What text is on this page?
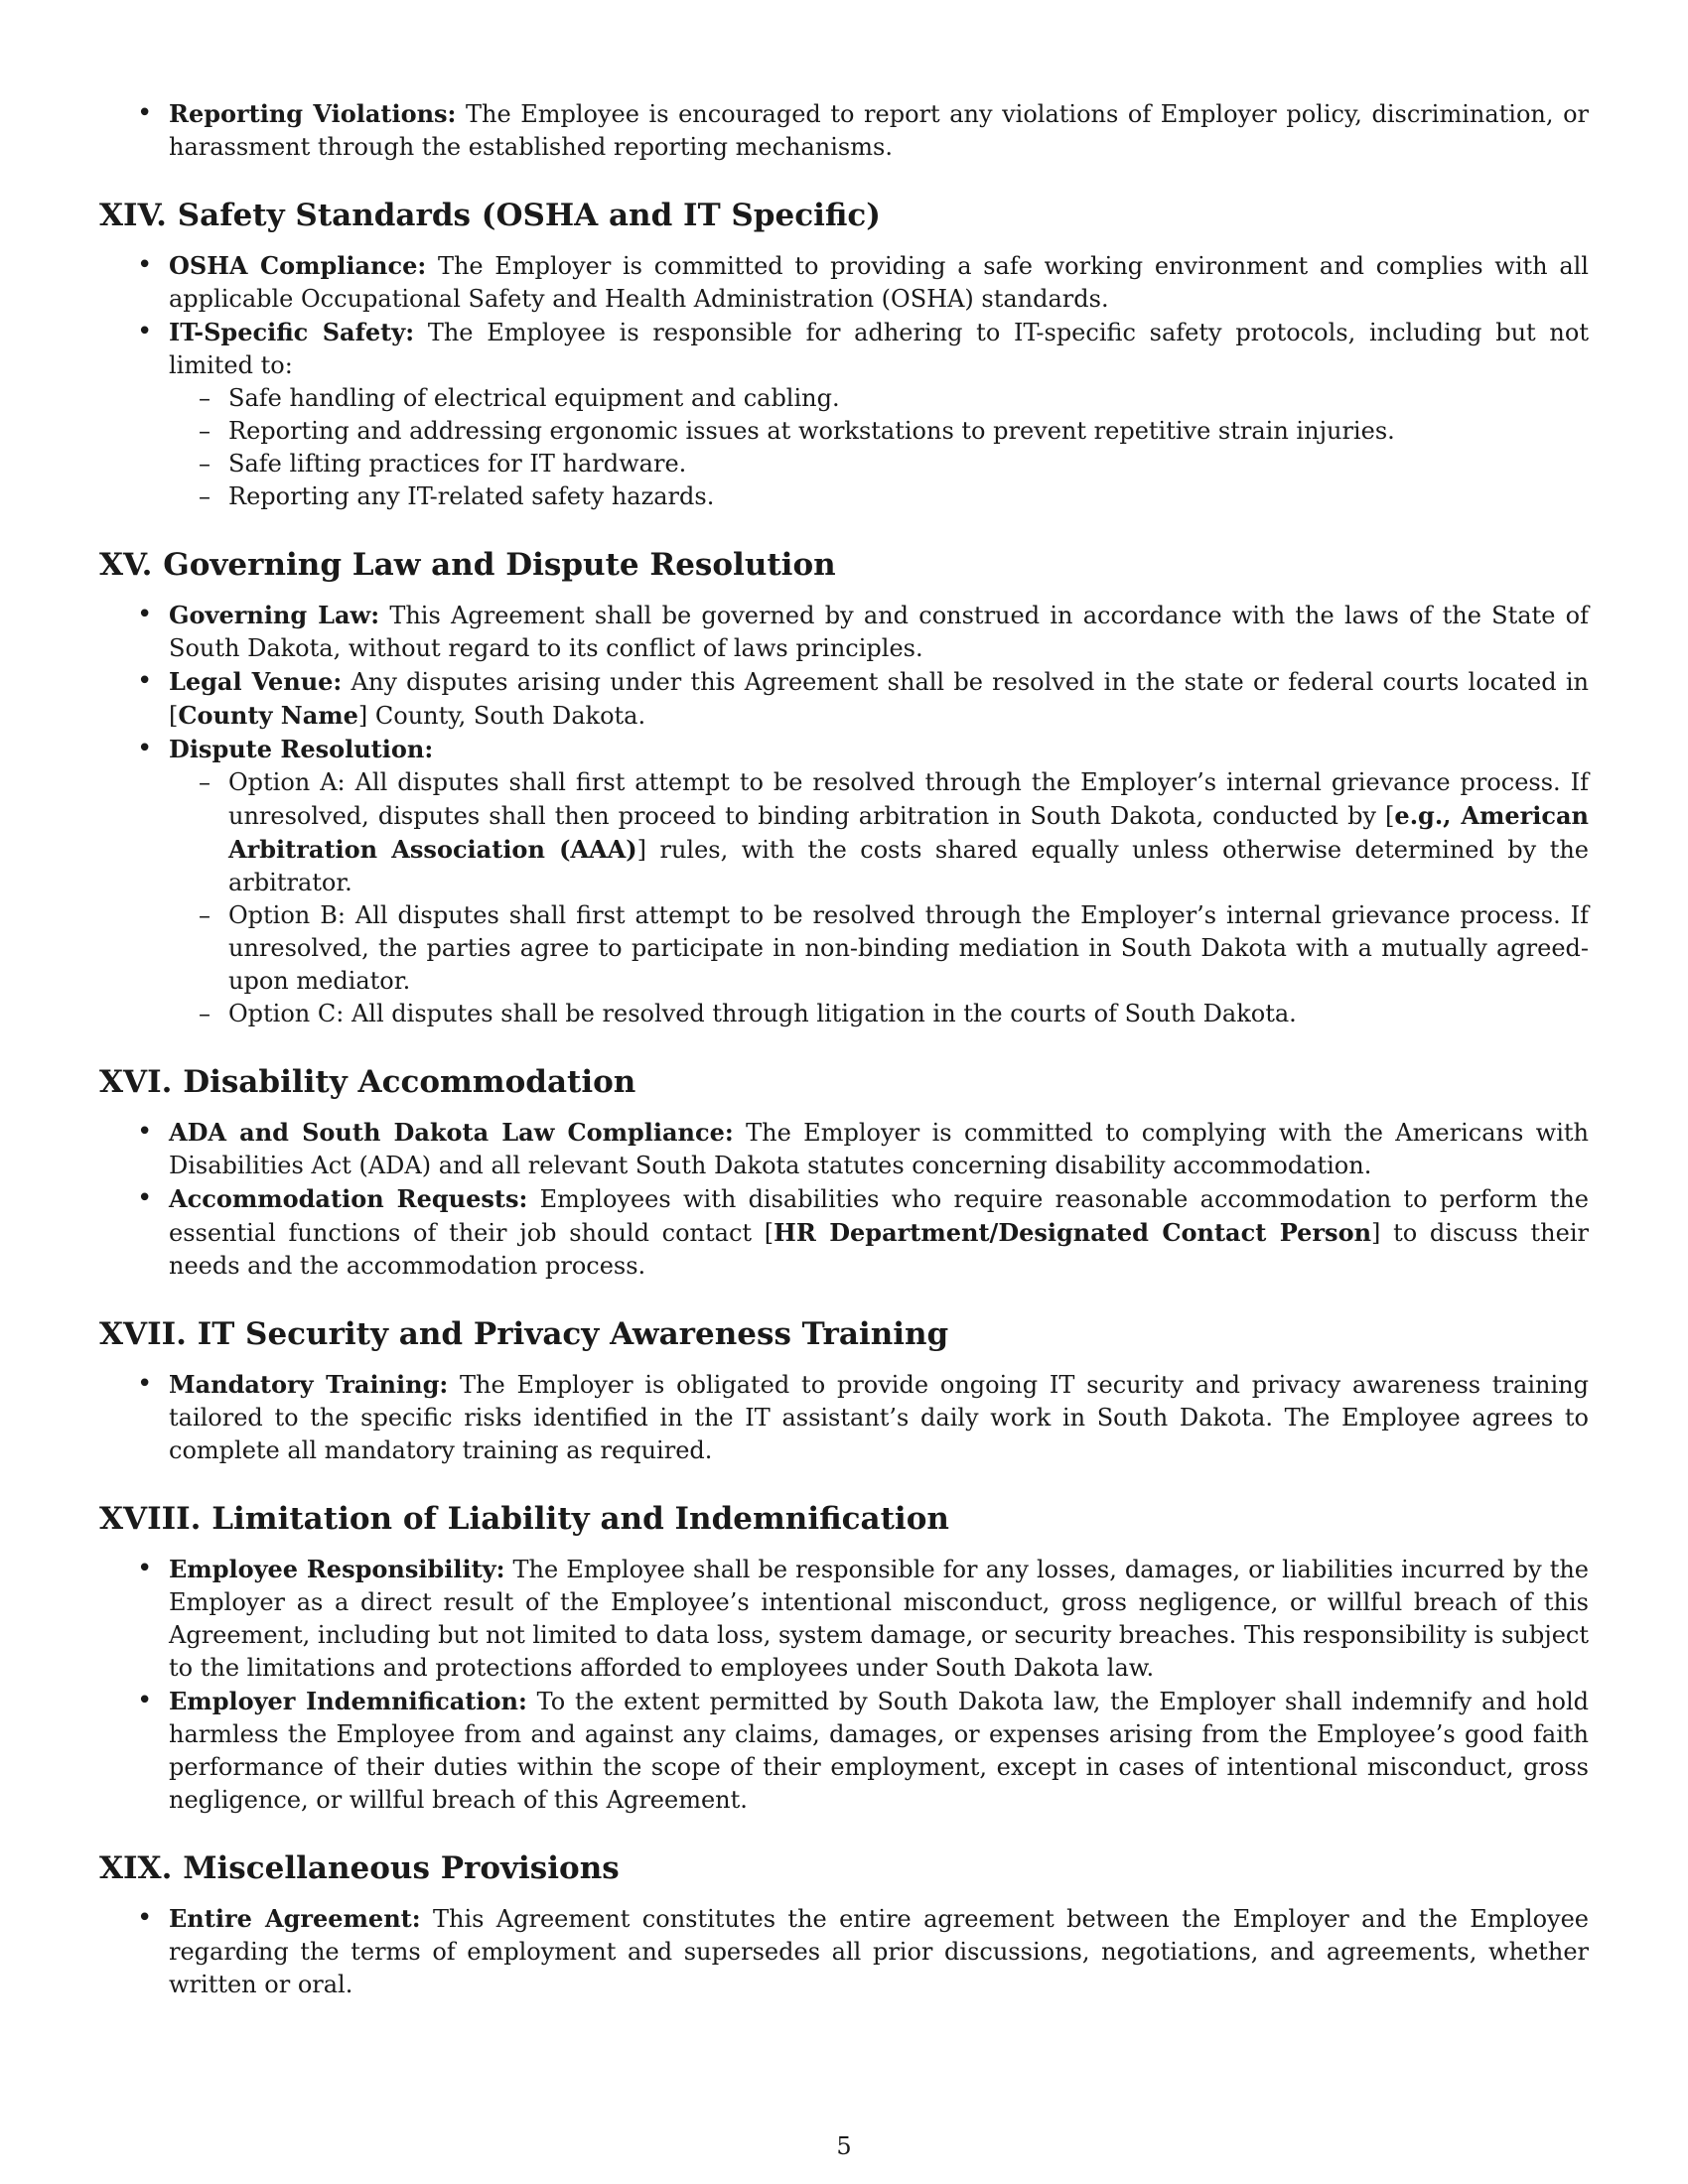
• Reporting Violations: The Employee is encouraged to report any violations of Employer policy, discrimination, or harassment through the established reporting mechanisms.
XIV. Safety Standards (OSHA and IT Specific)
• OSHA Compliance: The Employer is committed to providing a safe working environment and complies with all applicable Occupational Safety and Health Administration (OSHA) standards.
• IT-Specific Safety: The Employee is responsible for adhering to IT-specific safety protocols, including but not limited to:
– Safe handling of electrical equipment and cabling.
– Reporting and addressing ergonomic issues at workstations to prevent repetitive strain injuries.
– Safe lifting practices for IT hardware.
– Reporting any IT-related safety hazards.
XV. Governing Law and Dispute Resolution
• Governing Law: This Agreement shall be governed by and construed in accordance with the laws of the State of South Dakota, without regard to its conflict of laws principles.
• Legal Venue: Any disputes arising under this Agreement shall be resolved in the state or federal courts located in [County Name] County, South Dakota.
• Dispute Resolution:
– Option A: All disputes shall first attempt to be resolved through the Employer’s internal grievance process. If unresolved, disputes shall then proceed to binding arbitration in South Dakota, conducted by [e.g., American Arbitration Association (AAA)] rules, with the costs shared equally unless otherwise determined by the arbitrator.
– Option B: All disputes shall first attempt to be resolved through the Employer’s internal grievance process. If unresolved, the parties agree to participate in non-binding mediation in South Dakota with a mutually agreed-upon mediator.
– Option C: All disputes shall be resolved through litigation in the courts of South Dakota.
XVI. Disability Accommodation
• ADA and South Dakota Law Compliance: The Employer is committed to complying with the Americans with Disabilities Act (ADA) and all relevant South Dakota statutes concerning disability accommodation.
• Accommodation Requests: Employees with disabilities who require reasonable accommodation to perform the essential functions of their job should contact [HR Department/Designated Contact Person] to discuss their needs and the accommodation process.
XVII. IT Security and Privacy Awareness Training
• Mandatory Training: The Employer is obligated to provide ongoing IT security and privacy awareness training tailored to the specific risks identified in the IT assistant’s daily work in South Dakota. The Employee agrees to complete all mandatory training as required.
XVIII. Limitation of Liability and Indemnification
• Employee Responsibility: The Employee shall be responsible for any losses, damages, or liabilities incurred by the Employer as a direct result of the Employee’s intentional misconduct, gross negligence, or willful breach of this Agreement, including but not limited to data loss, system damage, or security breaches. This responsibility is subject to the limitations and protections afforded to employees under South Dakota law.
• Employer Indemnification: To the extent permitted by South Dakota law, the Employer shall indemnify and hold harmless the Employee from and against any claims, damages, or expenses arising from the Employee’s good faith performance of their duties within the scope of their employment, except in cases of intentional misconduct, gross negligence, or willful breach of this Agreement.
XIX. Miscellaneous Provisions
• Entire Agreement: This Agreement constitutes the entire agreement between the Employer and the Employee regarding the terms of employment and supersedes all prior discussions, negotiations, and agreements, whether written or oral.
5
